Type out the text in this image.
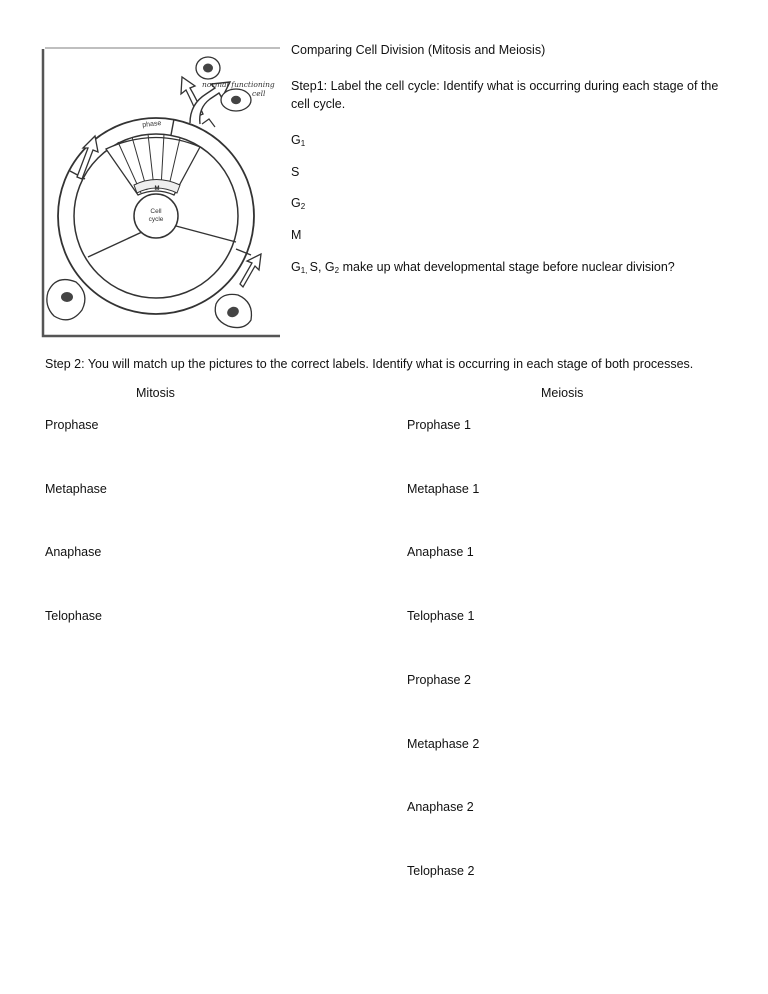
Cell
cycle
M
phase
normal functioning
cell
Comparing Cell Division (Mitosis and Meiosis)
Step1: Label the cell cycle: Identify what is occurring during each stage of the cell cycle.
$G_1$
S
$G_2$
M
$G_{1,}$ S, $G_2$ make up what developmental stage before nuclear division?
Step 2: You will match up the pictures to the correct labels. Identify what is occurring in each stage of both processes.
Mitosis	Meiosis
Prophase
Metaphase
Anaphase
Telophase
Prophase 1
Metaphase 1
Anaphase 1
Telophase 1
Prophase 2
Metaphase 2
Anaphase 2
Telophase 2
